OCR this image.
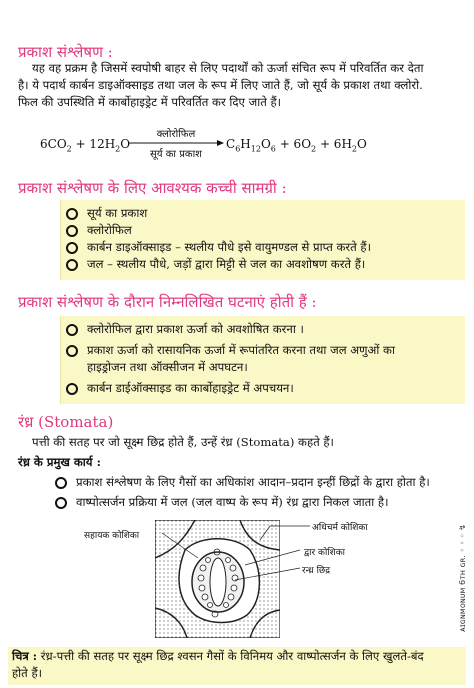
प्रकाश संश्लेषण :
यह वह प्रक्रम है जिसमें स्वपोषी बाहर से लिए पदार्थों को ऊर्जा संचित रूप में परिवर्तित कर देता
है। ये पदार्थ कार्बन डाइऑक्साइड तथा जल के रूप में लिए जाते हैं, जो सूर्य के प्रकाश तथा क्लोरो.
फिल की उपस्थिति में कार्बोहाइड्रेट में परिवर्तित कर दिए जाते हैं।
$6CO_2 + 12H_2O$
क्लोरोफिल
सूर्य का प्रकाश
$C_6H_{12}O_6 + 6O_2 + 6H_2O$
प्रकाश संश्लेषण के लिए आवश्यक कच्ची सामग्री :
सूर्य का प्रकाश
क्लोरोफिल
कार्बन डाइऑक्साइड – स्थलीय पौधे इसे वायुमण्डल से प्राप्त करते हैं।
जल – स्थलीय पौधे, जड़ों द्वारा मिट्टी से जल का अवशोषण करते हैं।
प्रकाश संश्लेषण के दौरान निम्नलिखित घटनाएं होती हैं :
क्लोरोफिल द्वारा प्रकाश ऊर्जा को अवशोषित करना ।
प्रकाश ऊर्जा को रासायनिक ऊर्जा में रूपांतरित करना तथा जल अणुओं का
हाइड्रोजन तथा ऑक्सीजन में अपघटन।
कार्बन डाईऑक्साइड का कार्बोहाइड्रेट में अपचयन।
रंध्र (Stomata)
पत्ती की सतह पर जो सूक्ष्म छिद्र होते हैं, उन्हें रंध्र (Stomata) कहते हैं।
रंध्र के प्रमुख कार्य :
प्रकाश संश्लेषण के लिए गैसों का अधिकांश आदान–प्रदान इन्हीं छिद्रों के द्वारा होता है।
वाष्पोत्सर्जन प्रक्रिया में जल (जल वाष्प के रूप में) रंध्र द्वारा निकल जाता है।
सहायक कोशिका
अधिचर्म कोशिका
द्वार कोशिका
रन्ध्र छिद्र
चित्र : रंध्र-पत्ती की सतह पर सूक्ष्म छिद्र श्वसन गैसों के विनिमय और वाष्पोत्सर्जन के लिए खुलते-बंद
होते हैं।
ᴀɪɢɴᴍᴏɴᴜᴍ 6ᴛʜ ɢʀ. ◦ ◦ ◦ ↯
